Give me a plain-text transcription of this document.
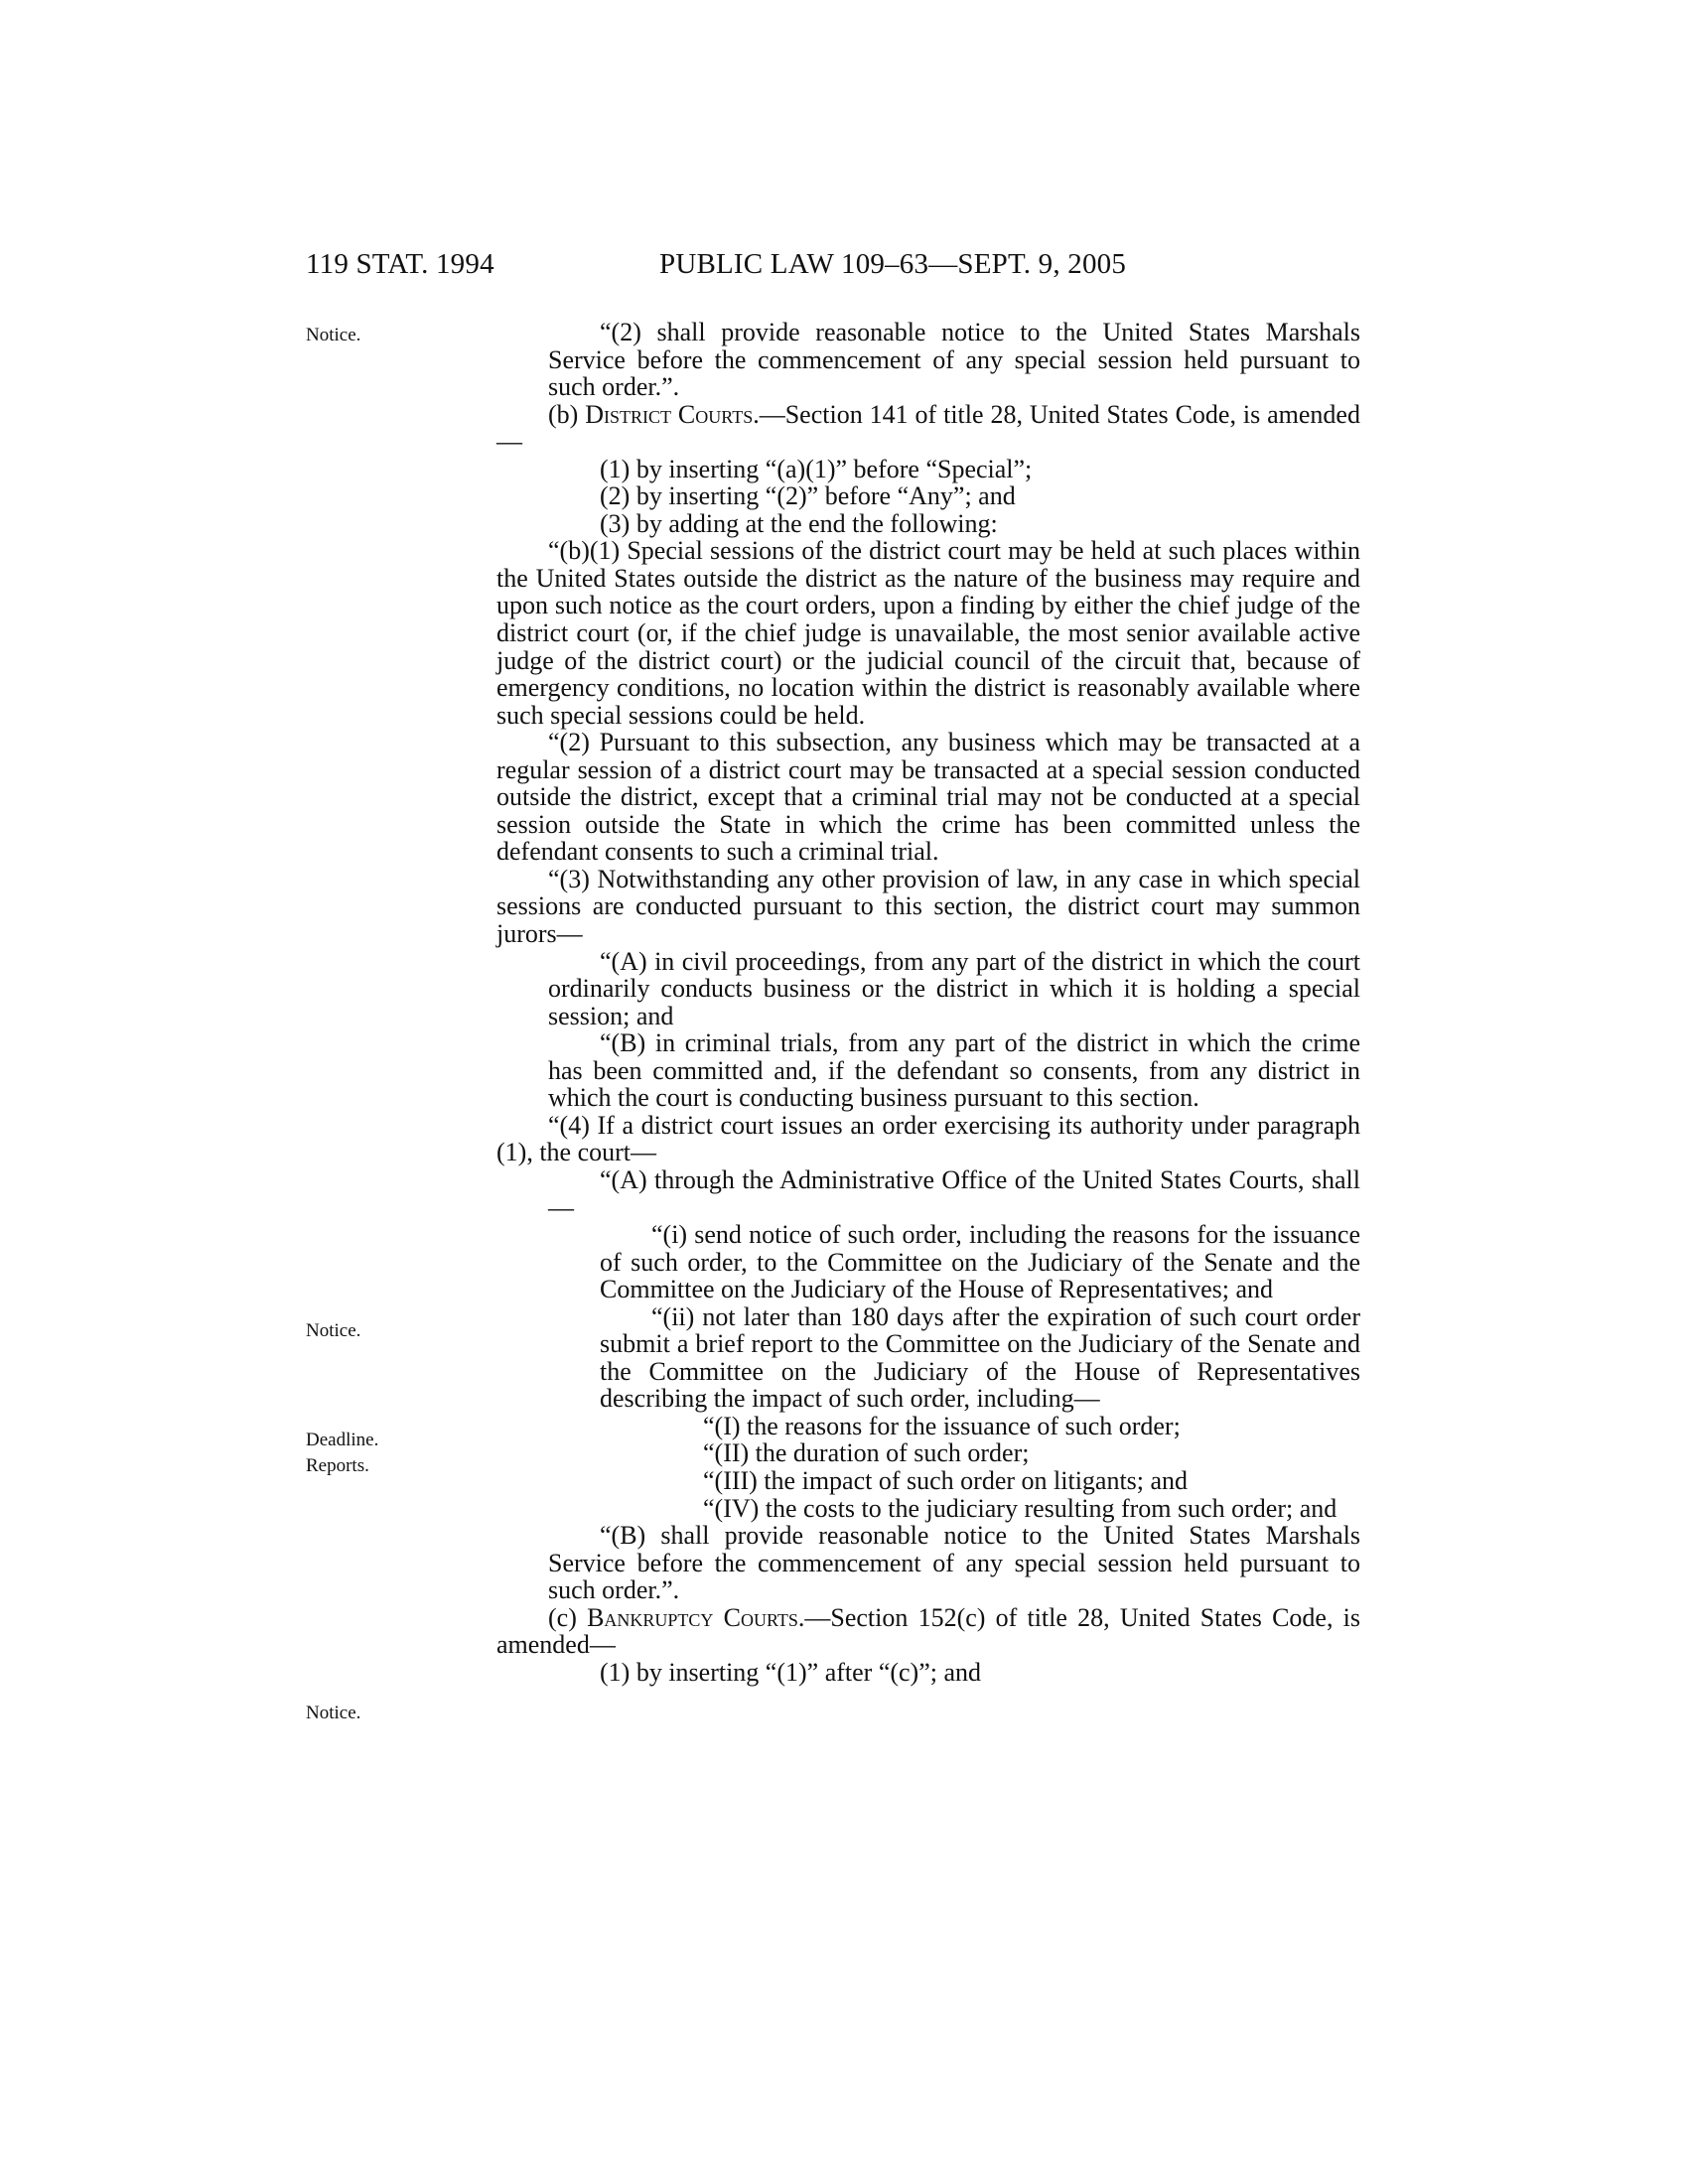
119 STAT. 1994	PUBLIC LAW 109–63—SEPT. 9, 2005
Notice.
Notice.
Deadline.
Reports.
Notice.

“(2) shall provide reasonable notice to the United States Marshals Service before the commencement of any special session held pursuant to such order.”.

(b) District Courts.—Section 141 of title 28, United States Code, is amended—

(1) by inserting “(a)(1)” before “Special”;

(2) by inserting “(2)” before “Any”; and

(3) by adding at the end the following:

“(b)(1) Special sessions of the district court may be held at such places within the United States outside the district as the nature of the business may require and upon such notice as the court orders, upon a finding by either the chief judge of the district court (or, if the chief judge is unavailable, the most senior available active judge of the district court) or the judicial council of the circuit that, because of emergency conditions, no location within the district is reasonably available where such special sessions could be held.

“(2) Pursuant to this subsection, any business which may be transacted at a regular session of a district court may be transacted at a special session conducted outside the district, except that a criminal trial may not be conducted at a special session outside the State in which the crime has been committed unless the defendant consents to such a criminal trial.

“(3) Notwithstanding any other provision of law, in any case in which special sessions are conducted pursuant to this section, the district court may summon jurors—

“(A) in civil proceedings, from any part of the district in which the court ordinarily conducts business or the district in which it is holding a special session; and

“(B) in criminal trials, from any part of the district in which the crime has been committed and, if the defendant so consents, from any district in which the court is conducting business pursuant to this section.

“(4) If a district court issues an order exercising its authority under paragraph (1), the court—

“(A) through the Administrative Office of the United States Courts, shall—

“(i) send notice of such order, including the reasons for the issuance of such order, to the Committee on the Judiciary of the Senate and the Committee on the Judiciary of the House of Representatives; and

“(ii) not later than 180 days after the expiration of such court order submit a brief report to the Committee on the Judiciary of the Senate and the Committee on the Judiciary of the House of Representatives describing the impact of such order, including—

“(I) the reasons for the issuance of such order;

“(II) the duration of such order;

“(III) the impact of such order on litigants; and

“(IV) the costs to the judiciary resulting from such order; and

“(B) shall provide reasonable notice to the United States Marshals Service before the commencement of any special session held pursuant to such order.”.

(c) Bankruptcy Courts.—Section 152(c) of title 28, United States Code, is amended—

(1) by inserting “(1)” after “(c)”; and
